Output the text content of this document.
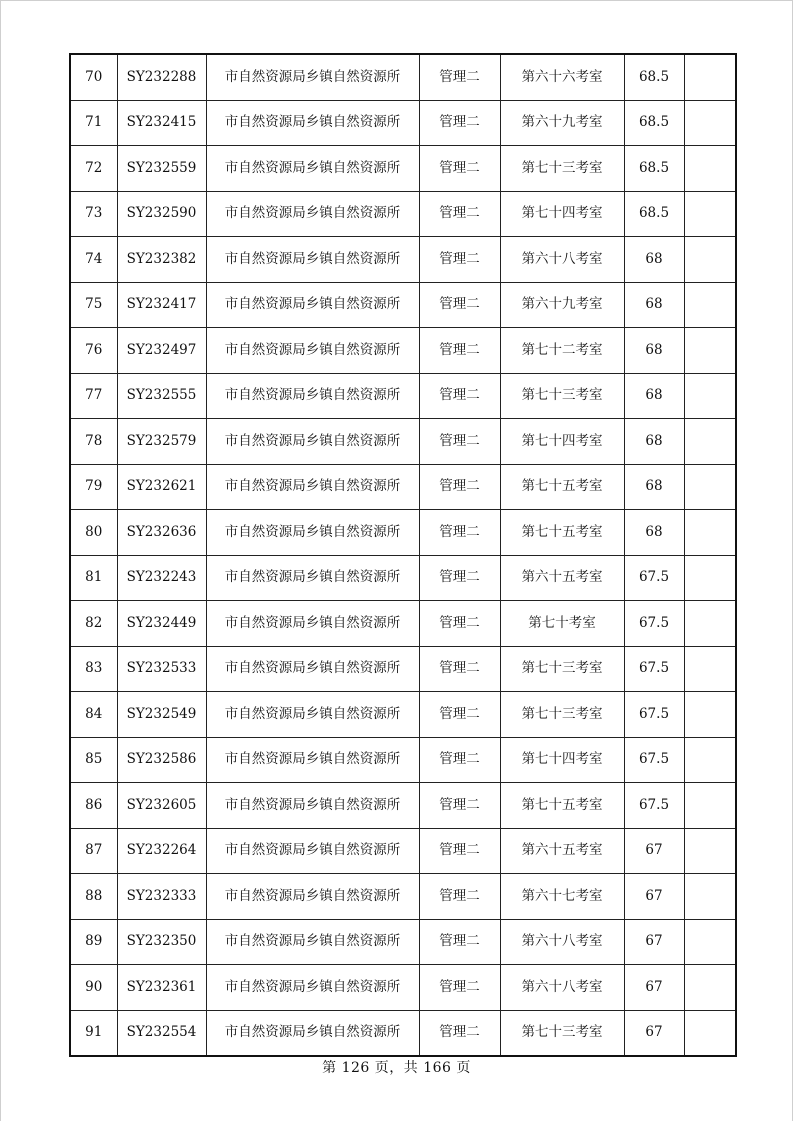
70	SY232288	市自然资源局乡镇自然资源所	管理二	第六十六考室	68.5	
71	SY232415	市自然资源局乡镇自然资源所	管理二	第六十九考室	68.5	
72	SY232559	市自然资源局乡镇自然资源所	管理二	第七十三考室	68.5	
73	SY232590	市自然资源局乡镇自然资源所	管理二	第七十四考室	68.5	
74	SY232382	市自然资源局乡镇自然资源所	管理二	第六十八考室	68	
75	SY232417	市自然资源局乡镇自然资源所	管理二	第六十九考室	68	
76	SY232497	市自然资源局乡镇自然资源所	管理二	第七十二考室	68	
77	SY232555	市自然资源局乡镇自然资源所	管理二	第七十三考室	68	
78	SY232579	市自然资源局乡镇自然资源所	管理二	第七十四考室	68	
79	SY232621	市自然资源局乡镇自然资源所	管理二	第七十五考室	68	
80	SY232636	市自然资源局乡镇自然资源所	管理二	第七十五考室	68	
81	SY232243	市自然资源局乡镇自然资源所	管理二	第六十五考室	67.5	
82	SY232449	市自然资源局乡镇自然资源所	管理二	第七十考室	67.5	
83	SY232533	市自然资源局乡镇自然资源所	管理二	第七十三考室	67.5	
84	SY232549	市自然资源局乡镇自然资源所	管理二	第七十三考室	67.5	
85	SY232586	市自然资源局乡镇自然资源所	管理二	第七十四考室	67.5	
86	SY232605	市自然资源局乡镇自然资源所	管理二	第七十五考室	67.5	
87	SY232264	市自然资源局乡镇自然资源所	管理二	第六十五考室	67	
88	SY232333	市自然资源局乡镇自然资源所	管理二	第六十七考室	67	
89	SY232350	市自然资源局乡镇自然资源所	管理二	第六十八考室	67	
90	SY232361	市自然资源局乡镇自然资源所	管理二	第六十八考室	67	
91	SY232554	市自然资源局乡镇自然资源所	管理二	第七十三考室	67	
第 126 页，共 166 页
